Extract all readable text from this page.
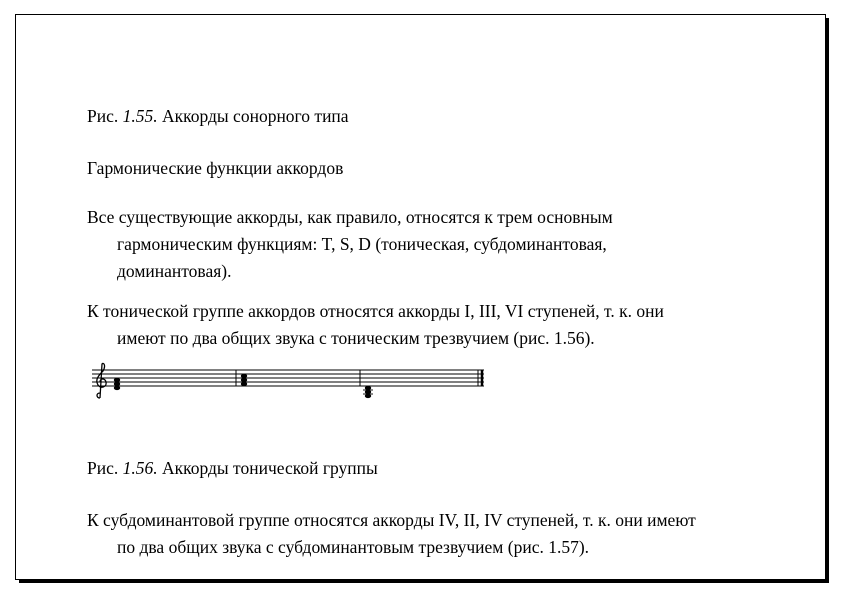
Рис. 1.55. Аккорды сонорного типа

Гармонические функции аккордов

Все существующие аккорды, как правило, относятся к трем основным
гармоническим функциям: T, S, D (тоническая, субдоминантовая,
доминантовая).

К тонической группе аккордов относятся аккорды I, III, VI ступеней, т. к. они
имеют по два общих звука с тоническим трезвучием (рис. 1.56).

Рис. 1.56. Аккорды тонической группы

К субдоминантовой группе относятся аккорды IV, II, IV ступеней, т. к. они имеют
по два общих звука с субдоминантовым трезвучием (рис. 1.57).
